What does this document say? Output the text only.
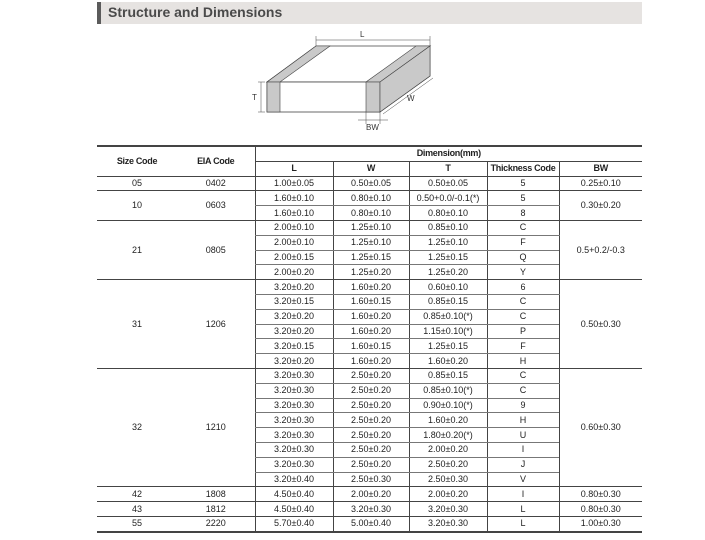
Structure and Dimensions
L
T	W
BW
Size Code	EIA Code	Dimension(mm)				
		L	W	T	Thickness Code	BW
05	0402	1.00±0.05	0.50±0.05	0.50±0.05	5	0.25±0.10
10	0603	1.60±0.10	0.80±0.10	0.50+0.0/-0.1(*)	5	0.30±0.20
		1.60±0.10	0.80±0.10	0.80±0.10	8	
21	0805	2.00±0.10	1.25±0.10	0.85±0.10	C	0.5+0.2/-0.3
		2.00±0.10	1.25±0.10	1.25±0.10	F	
		2.00±0.15	1.25±0.15	1.25±0.15	Q	
		2.00±0.20	1.25±0.20	1.25±0.20	Y	
31	1206	3.20±0.20	1.60±0.20	0.60±0.10	6	0.50±0.30
		3.20±0.15	1.60±0.15	0.85±0.15	C	
		3.20±0.20	1.60±0.20	0.85±0.10(*)	C	
		3.20±0.20	1.60±0.20	1.15±0.10(*)	P	
		3.20±0.15	1.60±0.15	1.25±0.15	F	
		3.20±0.20	1.60±0.20	1.60±0.20	H	
32	1210	3.20±0.30	2.50±0.20	0.85±0.15	C	0.60±0.30
		3.20±0.30	2.50±0.20	0.85±0.10(*)	C	
		3.20±0.30	2.50±0.20	0.90±0.10(*)	9	
		3.20±0.30	2.50±0.20	1.60±0.20	H	
		3.20±0.30	2.50±0.20	1.80±0.20(*)	U	
		3.20±0.30	2.50±0.20	2.00±0.20	I	
		3.20±0.30	2.50±0.20	2.50±0.20	J	
		3.20±0.40	2.50±0.30	2.50±0.30	V	
42	1808	4.50±0.40	2.00±0.20	2.00±0.20	I	0.80±0.30
43	1812	4.50±0.40	3.20±0.30	3.20±0.30	L	0.80±0.30
55	2220	5.70±0.40	5.00±0.40	3.20±0.30	L	1.00±0.30
